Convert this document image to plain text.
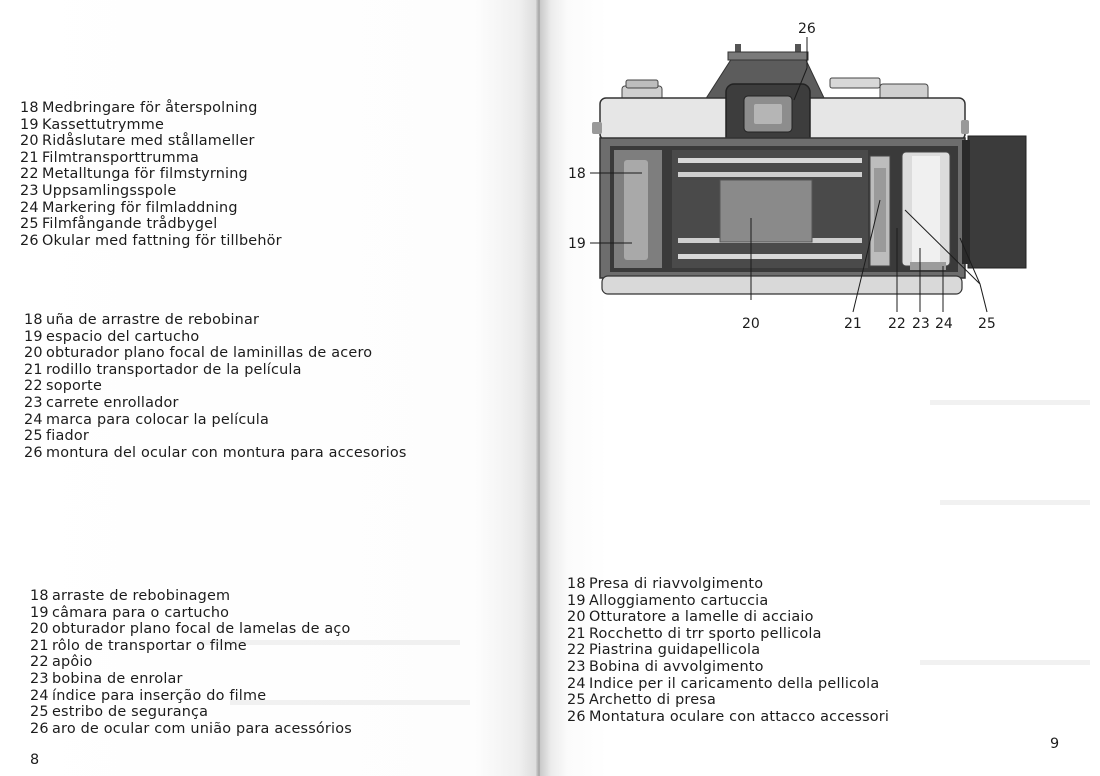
18 Medbringare för återspolning
19 Kassettutrymme
20 Ridåslutare med stållameller
21 Filmtransporttrumma
22 Metalltunga för filmstyrning
23 Uppsamlingsspole
24 Markering för filmladdning
25 Filmfångande trådbygel
26 Okular med fattning för tillbehör
18 uña de arrastre de rebobinar
19 espacio del cartucho
20 obturador plano focal de laminillas de acero
21 rodillo transportador de la película
22 soporte
23 carrete enrollador
24 marca para colocar la película
25 fiador
26 montura del ocular con montura para accesorios
18 arraste de rebobinagem
19 câmara para o cartucho
20 obturador plano focal de lamelas de aço
21 rôlo de transportar o filme
22 apôio
23 bobina de enrolar
24 índice para inserção do filme
25 estribo de segurança
26 aro de ocular com união para acessórios
8
26
18
19
20	21 22 23 24 25
18 Presa di riavvolgimento
19 Alloggiamento cartuccia
20 Otturatore a lamelle di acciaio
21 Rocchetto di trr sporto pellicola
22 Piastrina guidapellicola
23 Bobina di avvolgimento
24 Indice per il caricamento della pellicola
25 Archetto di presa
26 Montatura oculare con attacco accessori
9
